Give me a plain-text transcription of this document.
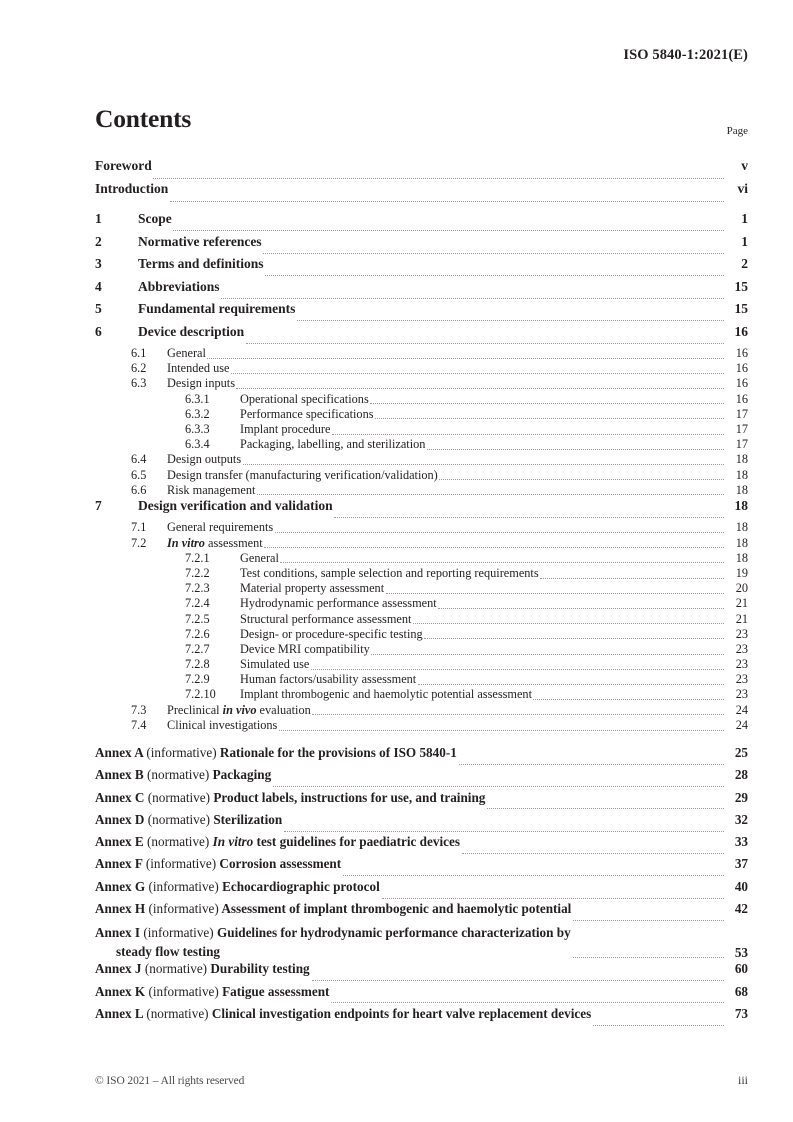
ISO 5840-1:2021(E)
Contents	Page
Foreword	v
Introduction	vi
1	Scope	1
2	Normative references	1
3	Terms and definitions	2
4	Abbreviations	15
5	Fundamental requirements	15
6	Device description	16
6.1	General	16
6.2	Intended use	16
6.3	Design inputs	16
6.3.1	Operational specifications	16
6.3.2	Performance specifications	17
6.3.3	Implant procedure	17
6.3.4	Packaging, labelling, and sterilization	17
6.4	Design outputs	18
6.5	Design transfer (manufacturing verification/validation)	18
6.6	Risk management	18
7	Design verification and validation	18
7.1	General requirements	18
7.2	In vitro assessment	18
7.2.1	General	18
7.2.2	Test conditions, sample selection and reporting requirements	19
7.2.3	Material property assessment	20
7.2.4	Hydrodynamic performance assessment	21
7.2.5	Structural performance assessment	21
7.2.6	Design- or procedure-specific testing	23
7.2.7	Device MRI compatibility	23
7.2.8	Simulated use	23
7.2.9	Human factors/usability assessment	23
7.2.10	Implant thrombogenic and haemolytic potential assessment	23
7.3	Preclinical in vivo evaluation	24
7.4	Clinical investigations	24
Annex A (informative) Rationale for the provisions of ISO 5840-1	25
Annex B (normative) Packaging	28
Annex C (normative) Product labels, instructions for use, and training	29
Annex D (normative) Sterilization	32
Annex E (normative) In vitro test guidelines for paediatric devices	33
Annex F (informative) Corrosion assessment	37
Annex G (informative) Echocardiographic protocol	40
Annex H (informative) Assessment of implant thrombogenic and haemolytic potential	42
Annex I (informative) Guidelines for hydrodynamic performance characterization by
steady flow testing	53
Annex J (normative) Durability testing	60
Annex K (informative) Fatigue assessment	68
Annex L (normative) Clinical investigation endpoints for heart valve replacement devices	73
© ISO 2021 – All rights reserved	iii
